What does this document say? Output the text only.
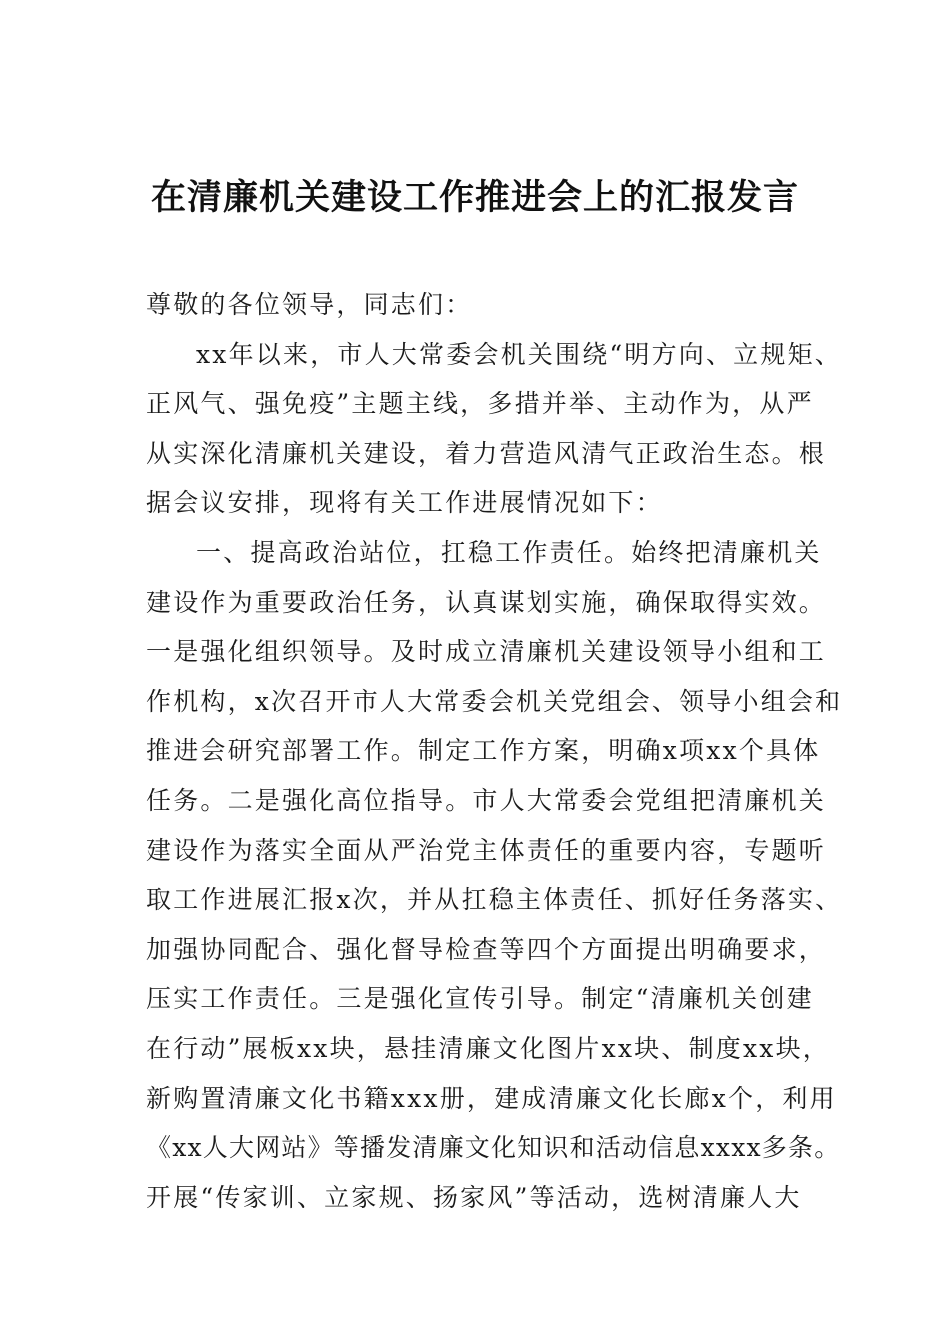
在清廉机关建设工作推进会上的汇报发言
尊敬的各位领导，同志们：
xx年以来，市人大常委会机关围绕“明方向、立规矩、
正风气、强免疫”主题主线，多措并举、主动作为，从严
从实深化清廉机关建设，着力营造风清气正政治生态。根
据会议安排，现将有关工作进展情况如下：
一、提高政治站位，扛稳工作责任。始终把清廉机关
建设作为重要政治任务，认真谋划实施，确保取得实效。
一是强化组织领导。及时成立清廉机关建设领导小组和工
作机构，x次召开市人大常委会机关党组会、领导小组会和
推进会研究部署工作。制定工作方案，明确x项xx个具体
任务。二是强化高位指导。市人大常委会党组把清廉机关
建设作为落实全面从严治党主体责任的重要内容，专题听
取工作进展汇报x次，并从扛稳主体责任、抓好任务落实、
加强协同配合、强化督导检查等四个方面提出明确要求，
压实工作责任。三是强化宣传引导。制定“清廉机关创建
在行动”展板xx块，悬挂清廉文化图片xx块、制度xx块，
新购置清廉文化书籍xxx册，建成清廉文化长廊x个，利用
《xx人大网站》等播发清廉文化知识和活动信息xxxx多条。
开展“传家训、立家规、扬家风”等活动，选树清廉人大
